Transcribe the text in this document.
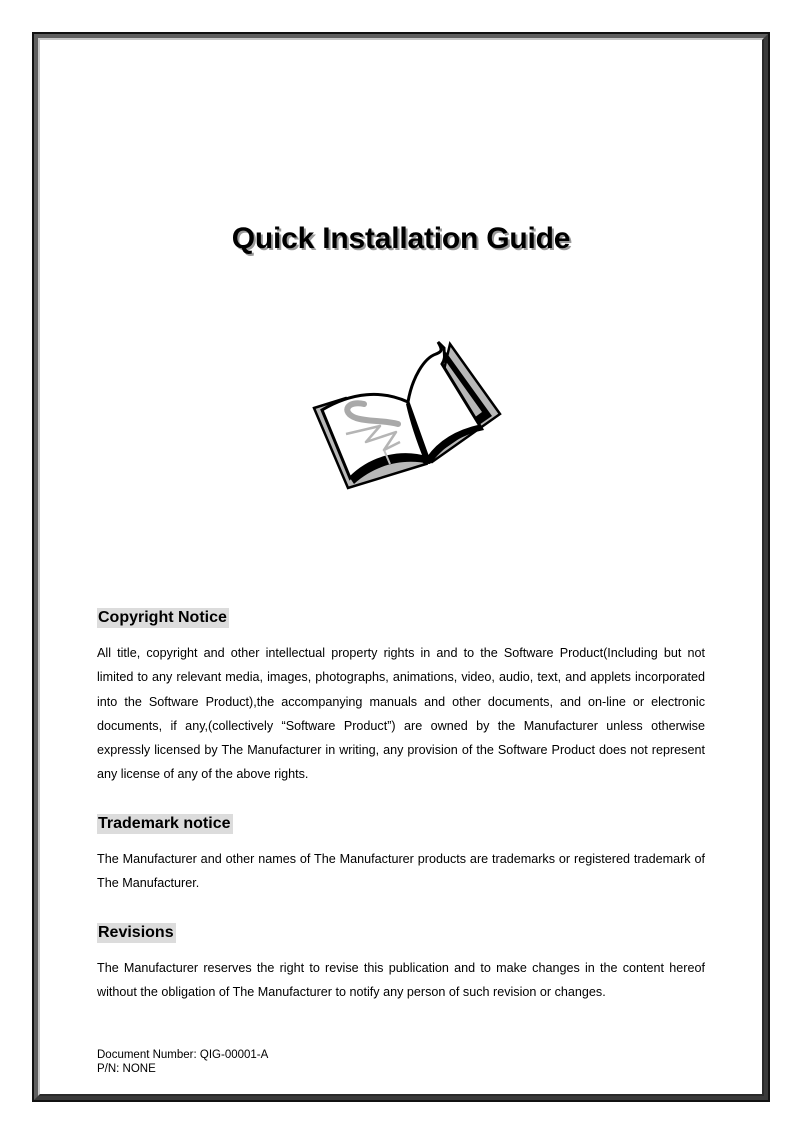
Quick Installation Guide
Copyright Notice

All title, copyright and other intellectual property rights in and to the Software Product(Including but not limited to any relevant media, images, photographs, animations, video, audio, text, and applets incorporated into the Software Product),the accompanying manuals and other documents, and on-line or electronic documents, if any,(collectively “Software Product”) are owned by the Manufacturer unless otherwise expressly licensed by The Manufacturer in writing, any provision of the Software Product does not represent any license of any of the above rights.

Trademark notice

The Manufacturer and other names of The Manufacturer products are trademarks or registered trademark of The Manufacturer.

Revisions

The Manufacturer reserves the right to revise this publication and to make changes in the content hereof without the obligation of The Manufacturer to notify any person of such revision or changes.

Document Number: QIG-00001-A
P/N: NONE
